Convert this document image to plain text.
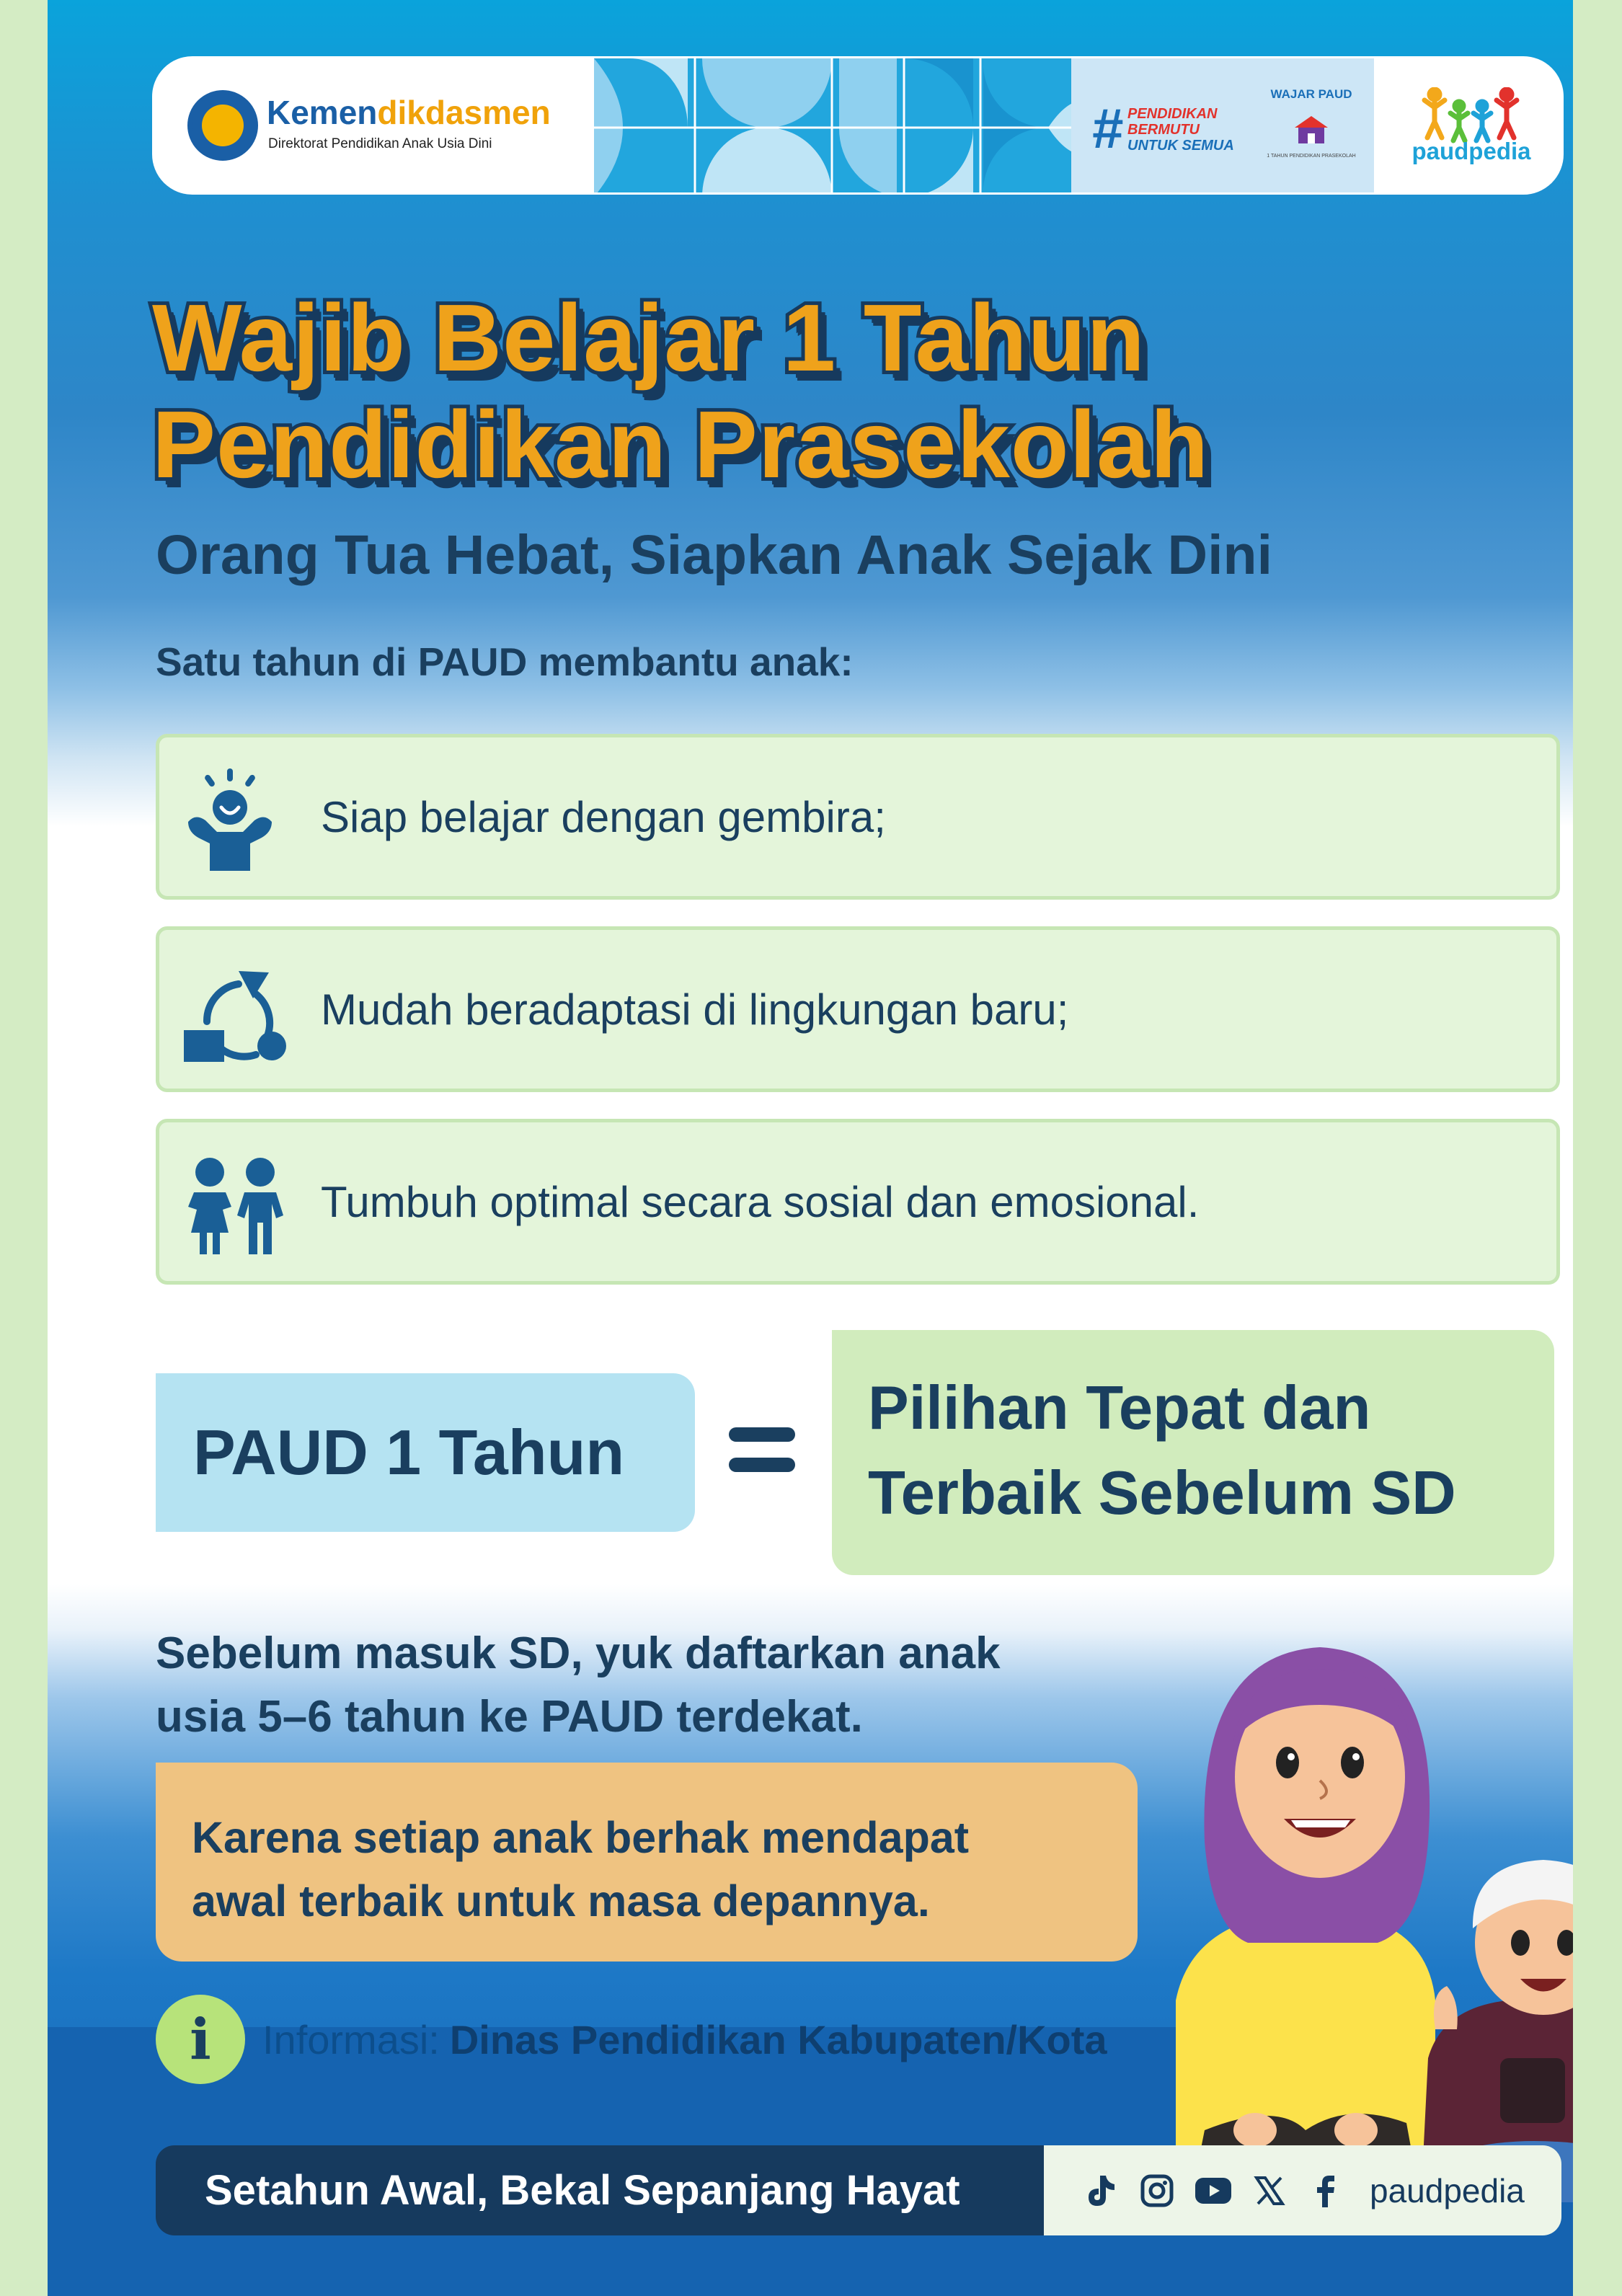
Kemendikdasmen
Direktorat Pendidikan Anak Usia Dini	# PENDIDIKAN
BERMUTU
UNTUK SEMUA
WAJAR PAUD
1 TAHUN PENDIDIKAN PRASEKOLAH	paudpedia
Wajib Belajar 1 Tahun
Pendidikan Prasekolah
Orang Tua Hebat, Siapkan Anak Sejak Dini
Satu tahun di PAUD membantu anak:
Siap belajar dengan gembira;
Mudah beradaptasi di lingkungan baru;
Tumbuh optimal secara sosial dan emosional.
PAUD 1 Tahun
Pilihan Tepat dan
Terbaik Sebelum SD
Sebelum masuk SD, yuk daftarkan anak
usia 5–6 tahun ke PAUD terdekat.
Karena setiap anak berhak mendapat
awal terbaik untuk masa depannya.
i	Informasi: Dinas Pendidikan Kabupaten/Kota
Setahun Awal, Bekal Sepanjang Hayat	paudpedia
